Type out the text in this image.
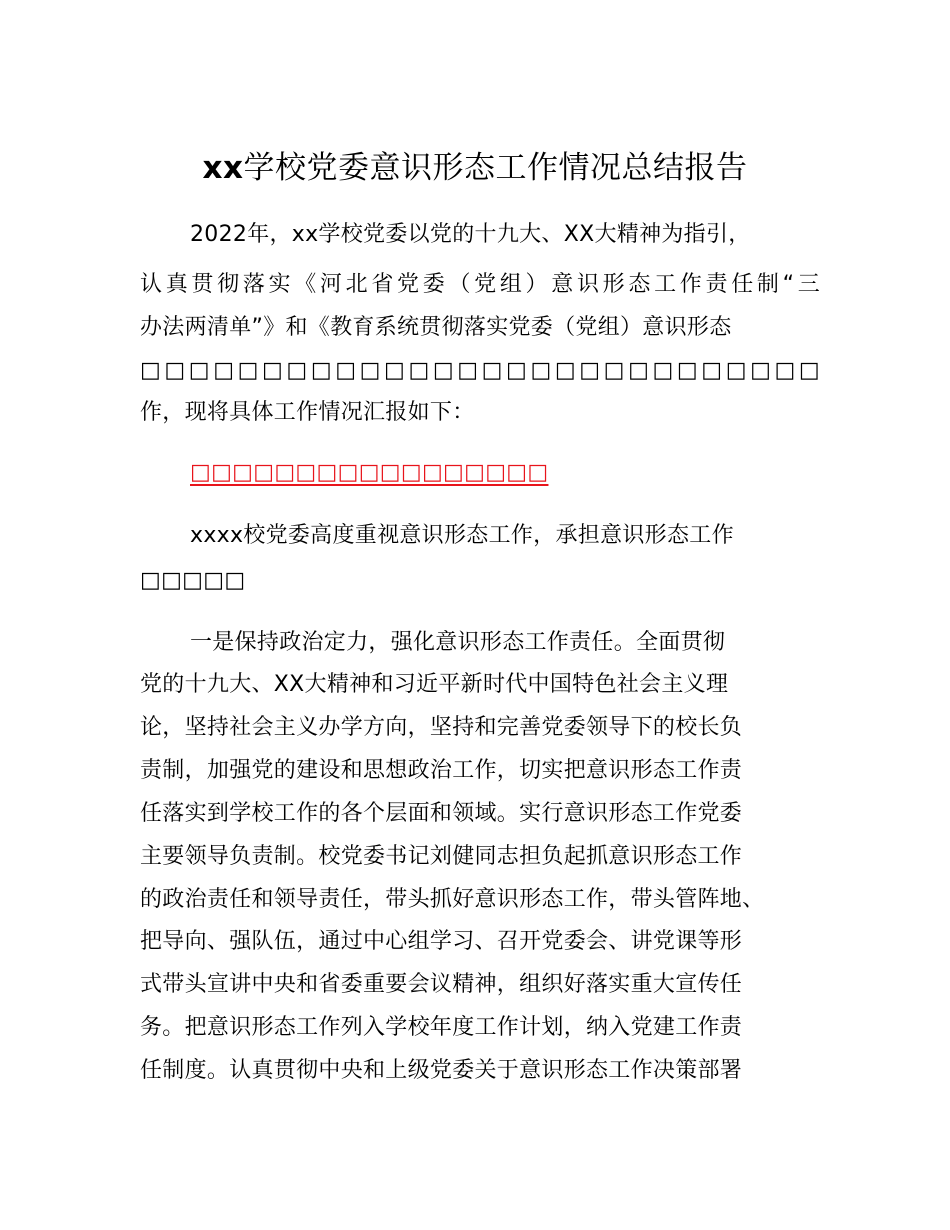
xx学校党委意识形态工作情况总结报告
2022年，xx学校党委以党的十九大、XX大精神为指引，
认真贯彻落实《河北省党委（党组）意识形态工作责任制“三
办法两清单”》和《教育系统贯彻落实党委（党组）意识形态
□□□□□□□□□□□□□□□□□□□□□□□□□□□□
作，现将具体工作情况汇报如下：
□□□□□□□□□□□□□□□□□
xxxx校党委高度重视意识形态工作，承担意识形态工作
□□□□□
一是保持政治定力，强化意识形态工作责任。全面贯彻
党的十九大、XX大精神和习近平新时代中国特色社会主义理
论，坚持社会主义办学方向，坚持和完善党委领导下的校长负
责制，加强党的建设和思想政治工作，切实把意识形态工作责
任落实到学校工作的各个层面和领域。实行意识形态工作党委
主要领导负责制。校党委书记刘健同志担负起抓意识形态工作
的政治责任和领导责任，带头抓好意识形态工作，带头管阵地、
把导向、强队伍，通过中心组学习、召开党委会、讲党课等形
式带头宣讲中央和省委重要会议精神，组织好落实重大宣传任
务。把意识形态工作列入学校年度工作计划，纳入党建工作责
任制度。认真贯彻中央和上级党委关于意识形态工作决策部署
